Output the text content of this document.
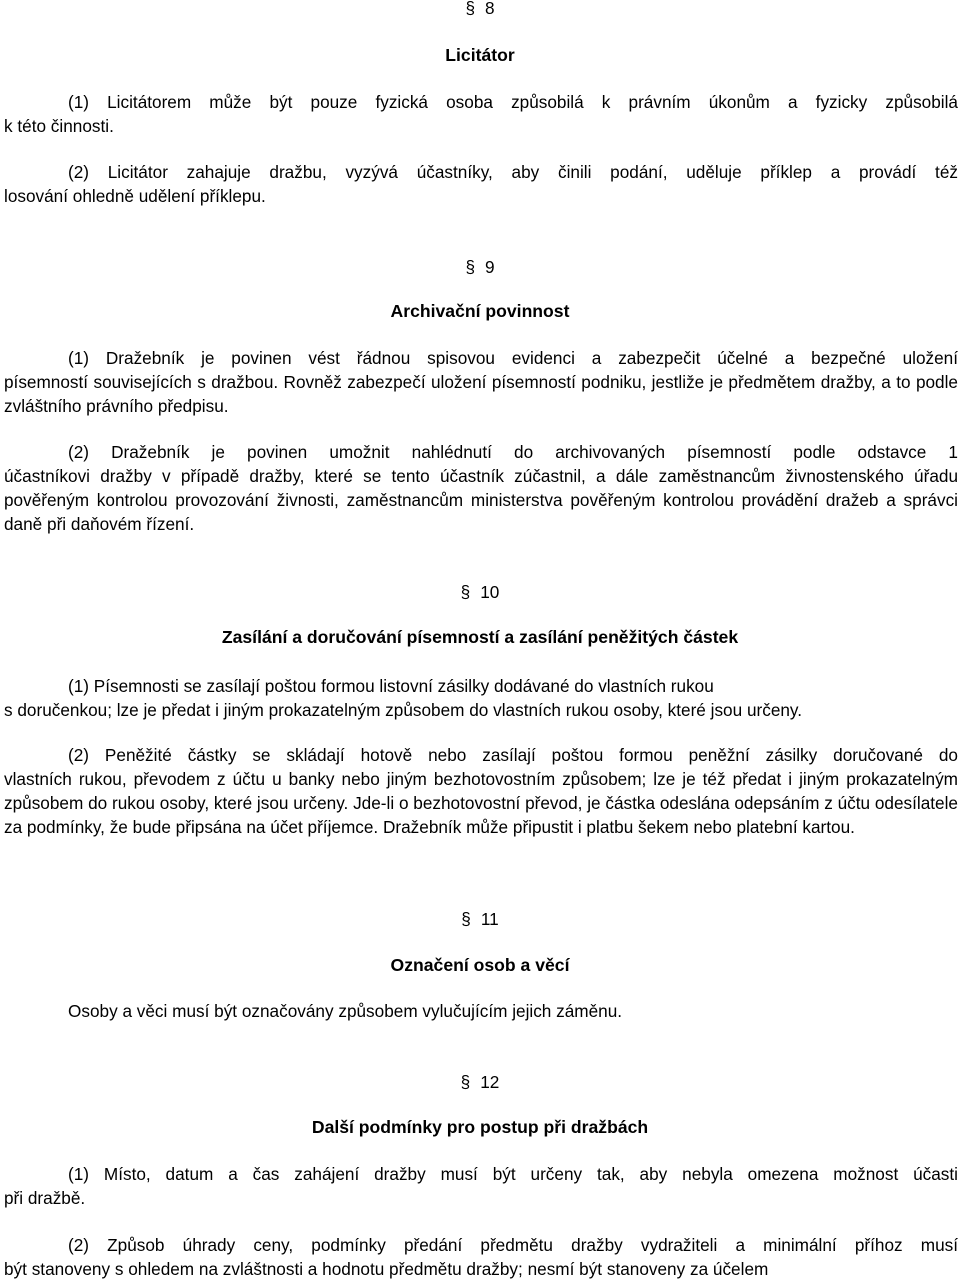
§ 8

Licitátor

(1) Licitátorem může být pouze fyzická osoba způsobilá k právním úkonům a fyzicky způsobilá
k této činnosti.
(2) Licitátor zahajuje dražbu, vyzývá účastníky, aby činili podání, uděluje příklep a provádí též
losování ohledně udělení příklepu.

§ 9

Archivační povinnost

(1) Dražebník je povinen vést řádnou spisovou evidenci a zabezpečit účelné a bezpečné uložení
písemností souvisejících s dražbou. Rovněž zabezpečí uložení písemností podniku, jestliže je předmětem dražby, a to podle zvláštního právního předpisu.
(2) Dražebník je povinen umožnit nahlédnutí do archivovaných písemností podle odstavce 1
účastníkovi dražby v případě dražby, které se tento účastník zúčastnil, a dále zaměstnancům živnostenského úřadu pověřeným kontrolou provozování živnosti, zaměstnancům ministerstva pověřeným kontrolou provádění dražeb a správci daně při daňovém řízení.

§ 10

Zasílání a doručování písemností a zasílání peněžitých částek

(1) Písemnosti se zasílají poštou formou listovní zásilky dodávané do vlastních rukou
s doručenkou; lze je předat i jiným prokazatelným způsobem do vlastních rukou osoby, které jsou určeny.
(2) Peněžité částky se skládají hotově nebo zasílají poštou formou peněžní zásilky doručované do
vlastních rukou, převodem z účtu u banky nebo jiným bezhotovostním způsobem; lze je též předat i jiným prokazatelným způsobem do rukou osoby, které jsou určeny. Jde-li o bezhotovostní převod, je částka odeslána odepsáním z účtu odesílatele za podmínky, že bude připsána na účet příjemce. Dražebník může připustit i platbu šekem nebo platební kartou.

§ 11

Označení osob a věcí

Osoby a věci musí být označovány způsobem vylučujícím jejich záměnu.

§ 12

Další podmínky pro postup při dražbách

(1) Místo, datum a čas zahájení dražby musí být určeny tak, aby nebyla omezena možnost účasti
při dražbě.
(2) Způsob úhrady ceny, podmínky předání předmětu dražby vydražiteli a minimální příhoz musí
být stanoveny s ohledem na zvláštnosti a hodnotu předmětu dražby; nesmí být stanoveny za účelem
